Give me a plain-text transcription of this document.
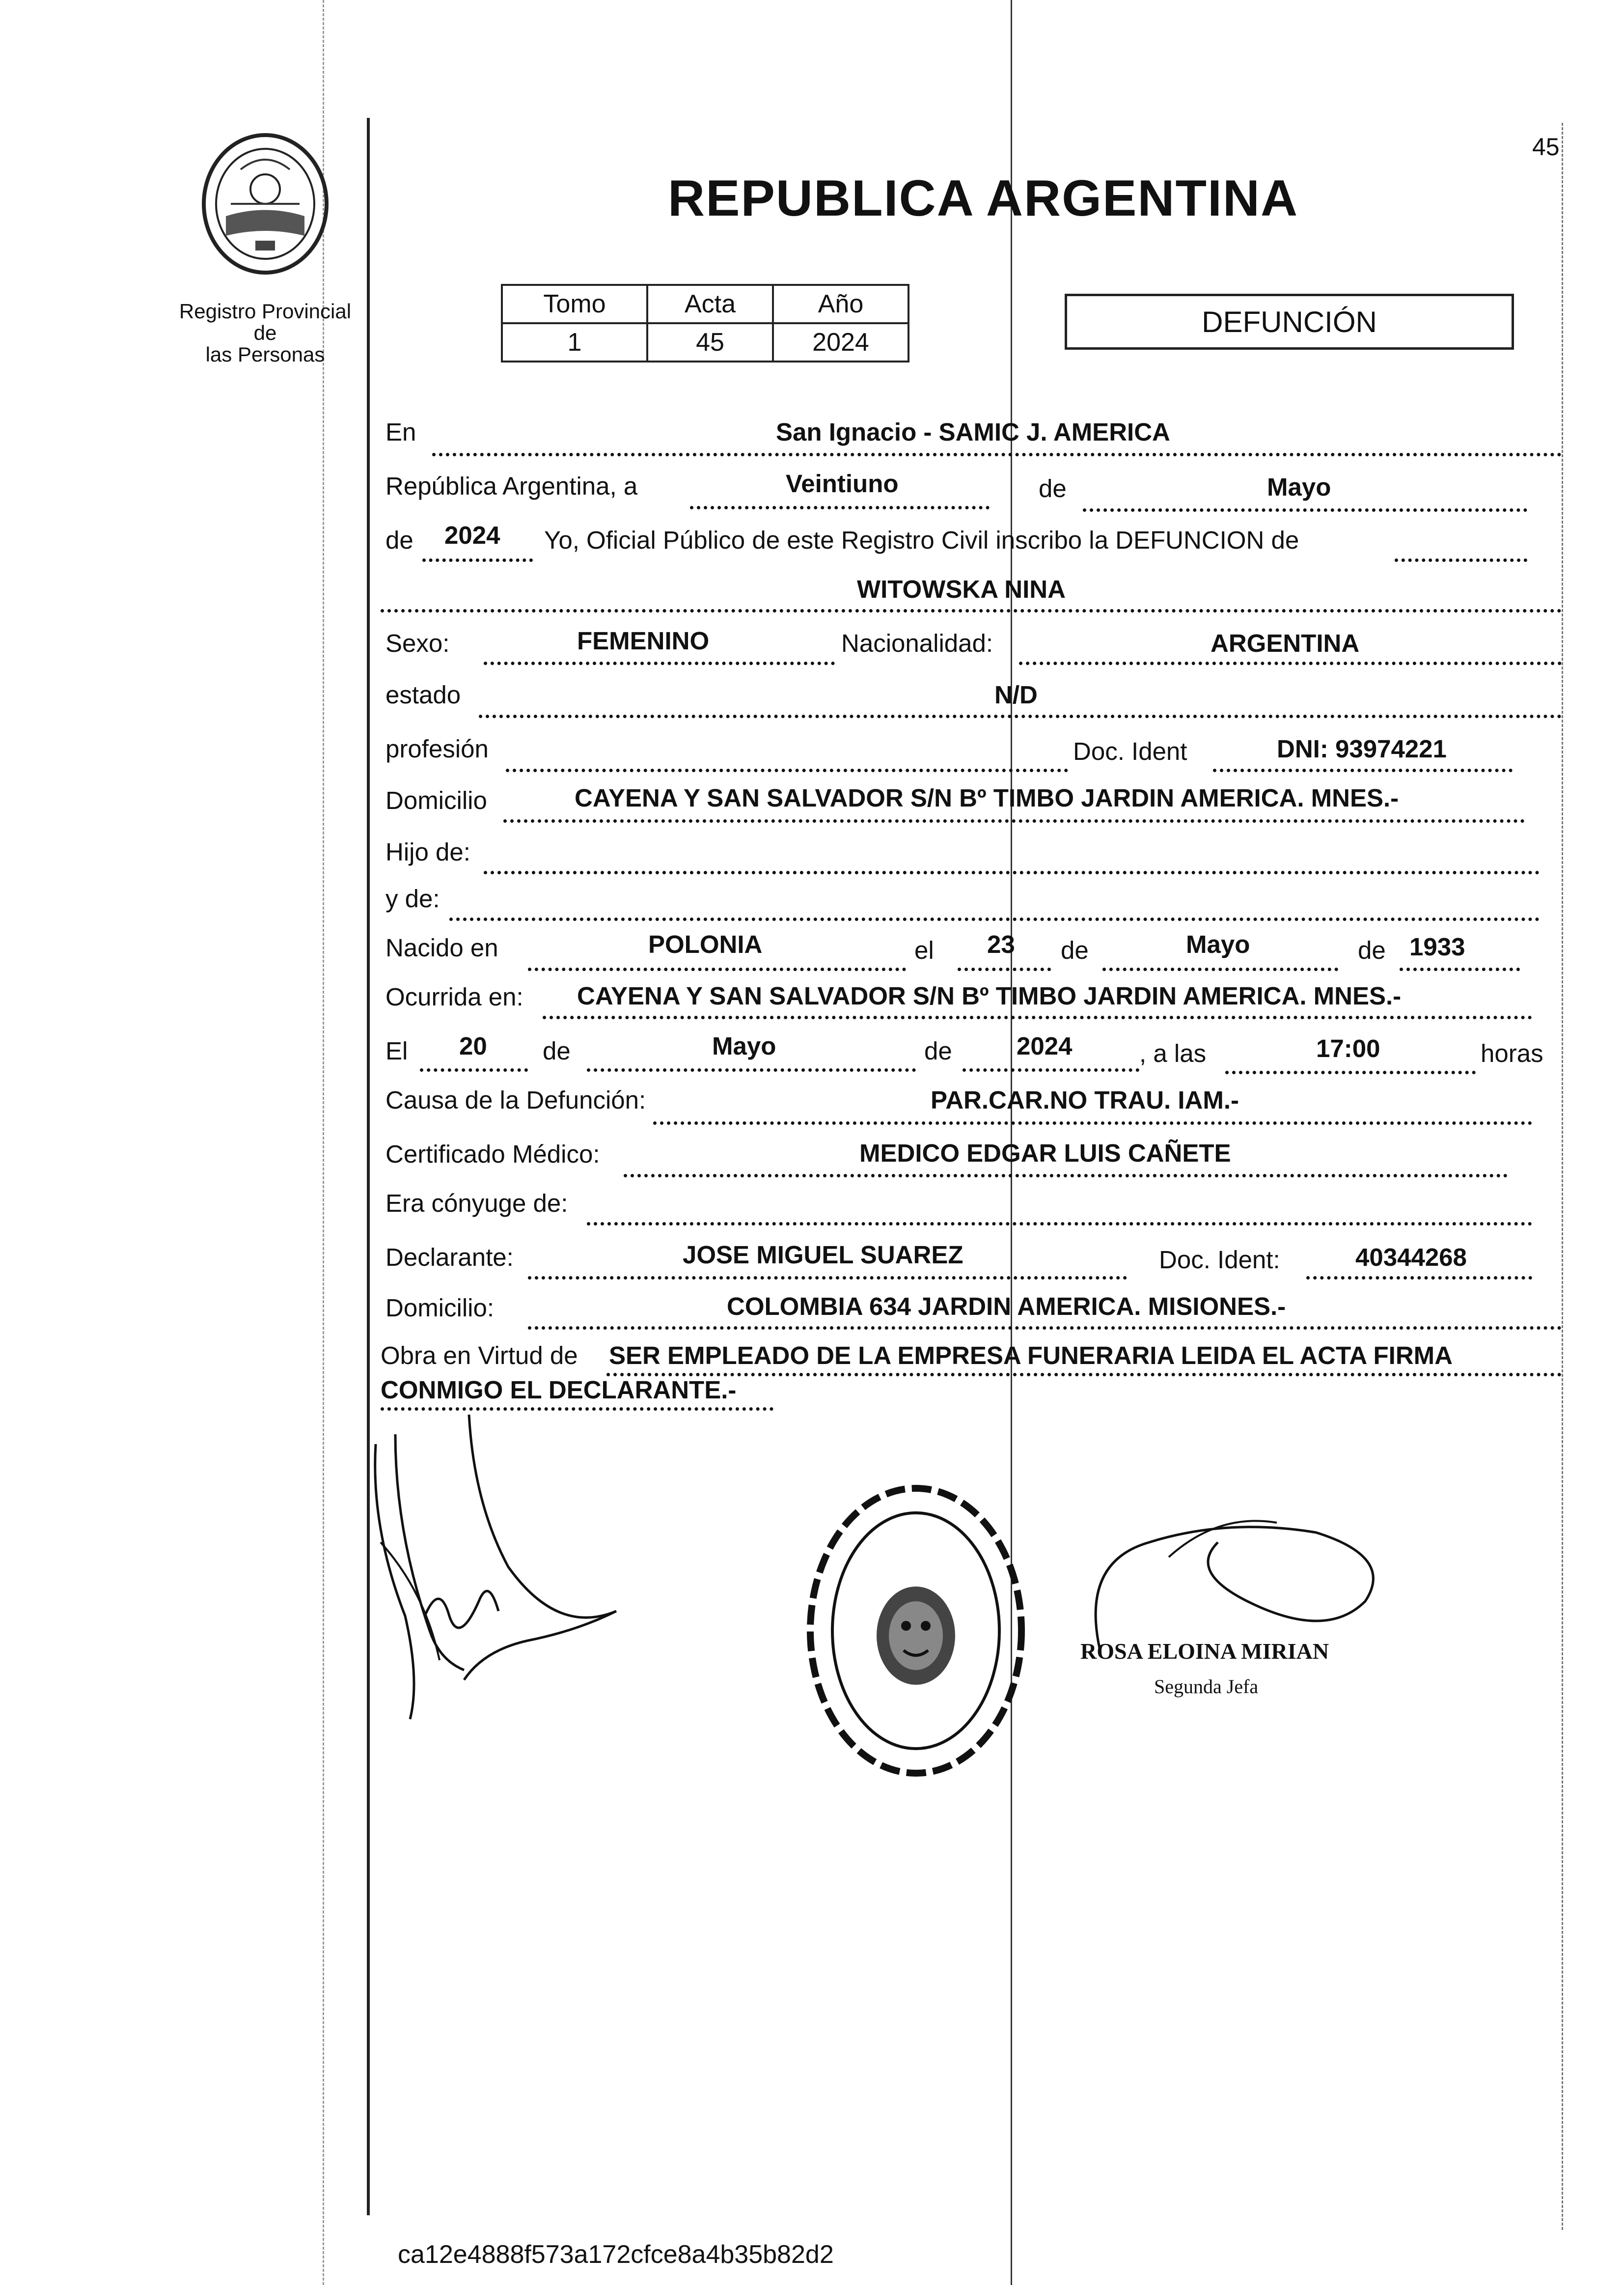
45
Registro Provincial de
las Personas
REPUBLICA ARGENTINA
Tomo	Acta	Año
1	45	2024
DEFUNCIÓN
En	San Ignacio - SAMIC J. AMERICA
República Argentina, a	Veintiuno	de	Mayo
de 2024 Yo, Oficial Público de este Registro Civil inscribo la DEFUNCION de
WITOWSKA NINA
Sexo:	FEMENINO	Nacionalidad:	ARGENTINA
estado	N/D
profesión	Doc. Ident	DNI: 93974221
Domicilio	CAYENA Y SAN SALVADOR S/N Bº TIMBO JARDIN AMERICA. MNES.-
Hijo de:
y de:
Nacido en	POLONIA	el 23 de	Mayo	de 1933
Ocurrida en: CAYENA Y SAN SALVADOR S/N Bº TIMBO JARDIN AMERICA. MNES.-
El 20 de	Mayo	de	2024	, a las	17:00	horas
Causa de la Defunción:	PAR.CAR.NO TRAU. IAM.-
Certificado Médico:	MEDICO EDGAR LUIS CAÑETE
Era cónyuge de:
Declarante:	JOSE MIGUEL SUAREZ	Doc. Ident:	40344268
Domicilio:	COLOMBIA 634 JARDIN AMERICA. MISIONES.-
Obra en Virtud de SER EMPLEADO DE LA EMPRESA FUNERARIA LEIDA EL ACTA FIRMA
CONMIGO EL DECLARANTE.-
ROSA ELOINA MIRIAN
Segunda Jefa
ca12e4888f573a172cfce8a4b35b82d2
